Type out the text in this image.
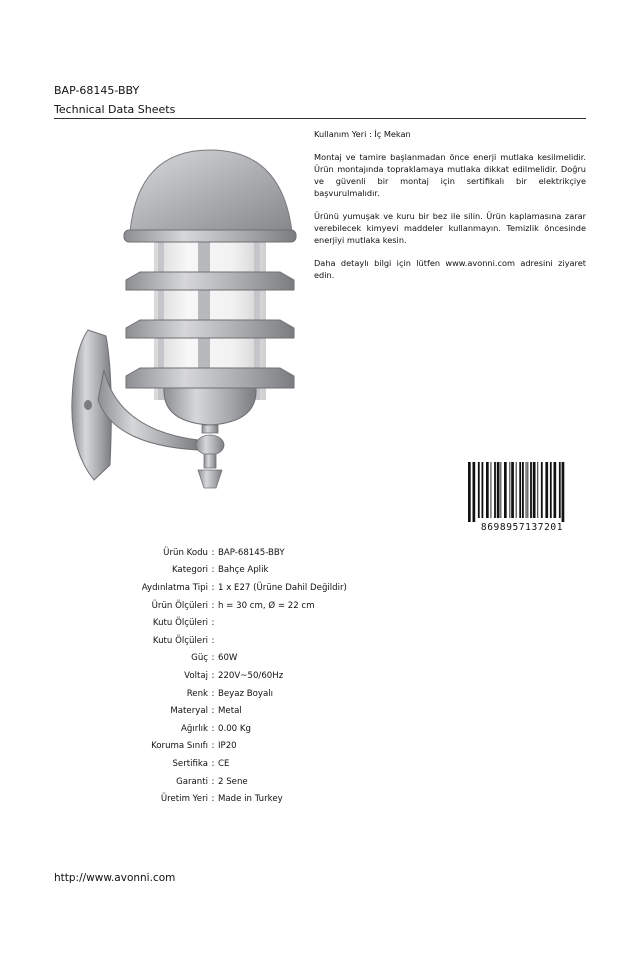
BAP-68145-BBY
Technical Data Sheets

Kullanım Yeri : İç Mekan

Montaj ve tamire başlanmadan önce enerji mutlaka kesilmelidir. Ürün montajında topraklamaya mutlaka dikkat edilmelidir. Doğru ve güvenli bir montaj için sertifikalı bir elektrikçiye başvurulmalıdır.

Ürünü yumuşak ve kuru bir bez ile silin. Ürün kaplamasına zarar verebilecek kimyevi maddeler kullanmayın. Temizlik öncesinde enerjiyi mutlaka kesin.

Daha detaylı bilgi için lütfen www.avonni.com adresini ziyaret edin.

8698957137201
Ürün Kodu : BAP-68145-BBY
Kategori : Bahçe Aplik
Aydınlatma Tipi : 1 x E27 (Ürüne Dahil Değildir)
Ürün Ölçüleri : h = 30 cm, Ø = 22 cm
Kutu Ölçüleri :
Kutu Ölçüleri :
Güç : 60W
Voltaj : 220V~50/60Hz
Renk : Beyaz Boyalı
Materyal : Metal
Ağırlık : 0.00 Kg
Koruma Sınıfı : IP20
Sertifika : CE
Garanti : 2 Sene
Üretim Yeri : Made in Turkey
http://www.avonni.com
